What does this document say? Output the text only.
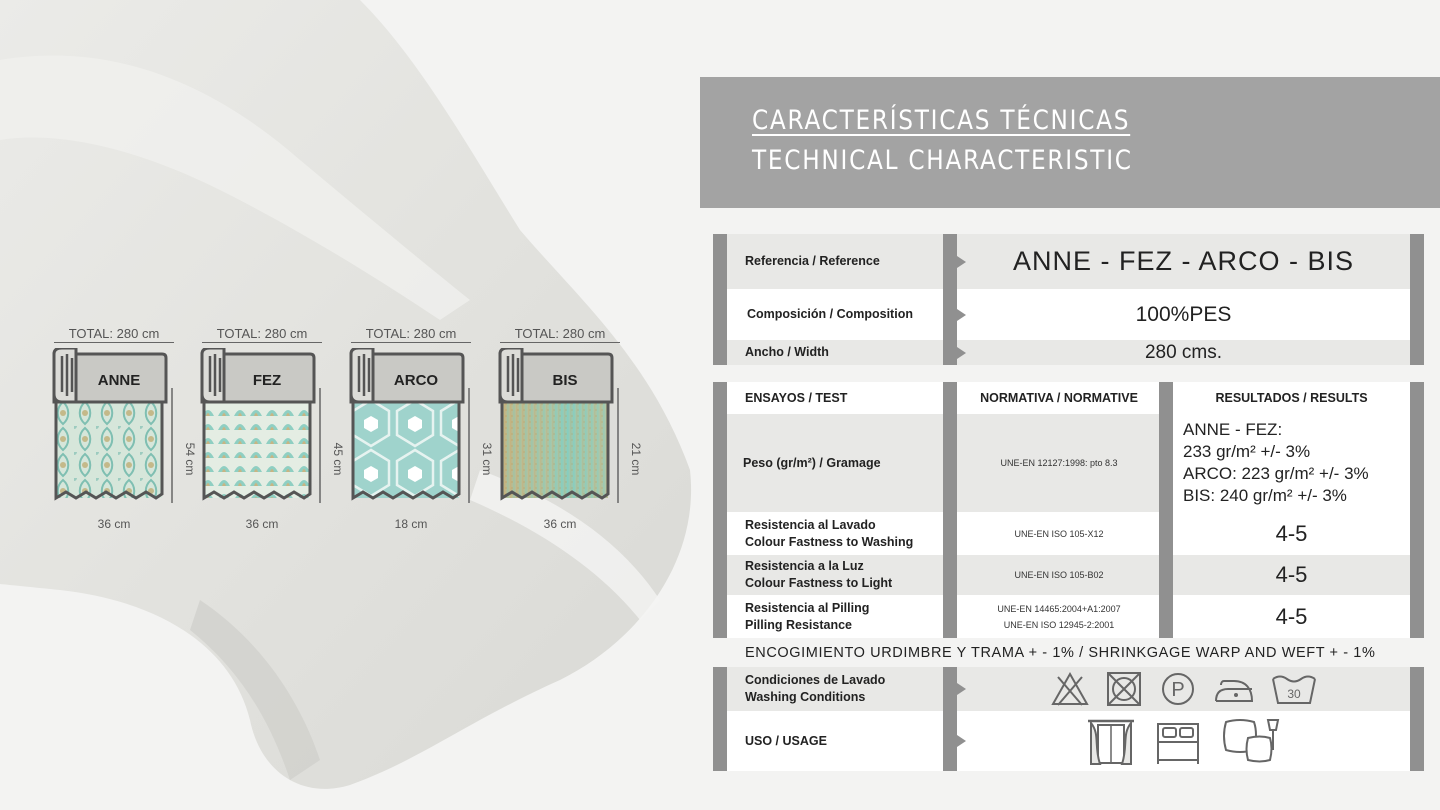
TOTAL: 280 cm
ANNE
54 cm
36 cm
TOTAL: 280 cm
FEZ
45 cm
36 cm
TOTAL: 280 cm
ARCO
31 cm
18 cm
TOTAL: 280 cm
BIS
21 cm
36 cm
CARACTERÍSTICAS TÉCNICAS
TECHNICAL CHARACTERISTIC
Referencia / Reference	ANNE - FEZ - ARCO - BIS
Composición / Composition	100%PES
Ancho / Width	280 cms.
ENSAYOS / TEST	NORMATIVA / NORMATIVE	RESULTADOS / RESULTS
Peso (gr/m²) / Gramage	UNE-EN 12127:1998: pto 8.3
ANNE - FEZ:
233 gr/m² +/- 3%
ARCO: 223 gr/m² +/- 3%
BIS: 240 gr/m² +/- 3%
Resistencia al Lavado
Colour Fastness to Washing
UNE-EN ISO 105-X12	4-5
Resistencia a la Luz
Colour Fastness to Light
UNE-EN ISO 105-B02	4-5
Resistencia al Pilling
Pilling Resistance
UNE-EN 14465:2004+A1:2007
UNE-EN ISO 12945-2:2001	4-5
ENCOGIMIENTO URDIMBRE Y TRAMA + - 1% / SHRINKGAGE WARP AND WEFT + - 1%
Condiciones de Lavado
Washing Conditions	P	30
USO / USAGE
